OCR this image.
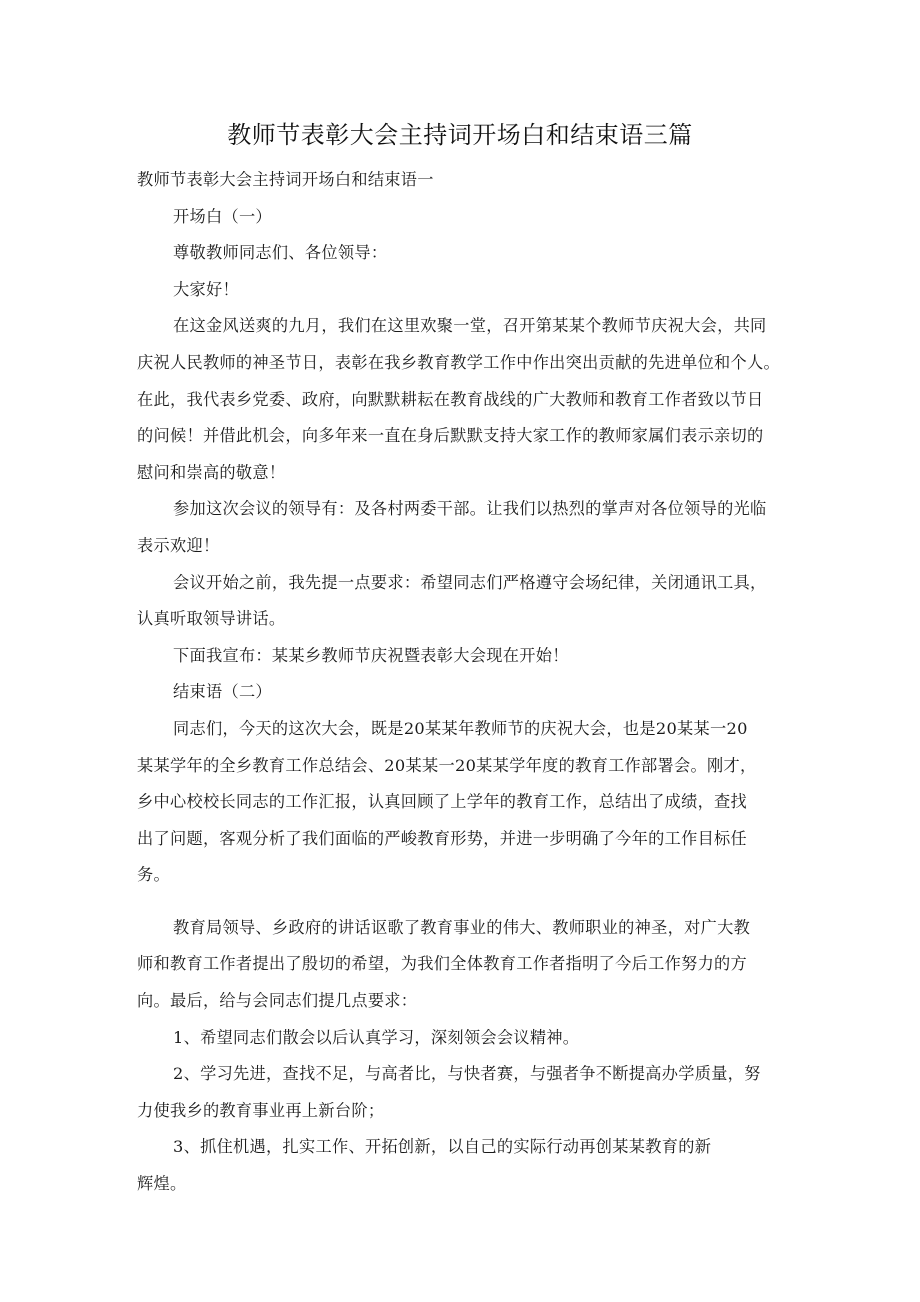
教师节表彰大会主持词开场白和结束语三篇
教师节表彰大会主持词开场白和结束语一
开场白（一）
尊敬教师同志们、各位领导：
大家好！
在这金风送爽的九月，我们在这里欢聚一堂，召开第某某个教师节庆祝大会，共同
庆祝人民教师的神圣节日，表彰在我乡教育教学工作中作出突出贡献的先进单位和个人。
在此，我代表乡党委、政府，向默默耕耘在教育战线的广大教师和教育工作者致以节日
的问候！并借此机会，向多年来一直在身后默默支持大家工作的教师家属们表示亲切的
慰问和崇高的敬意！
参加这次会议的领导有：及各村两委干部。让我们以热烈的掌声对各位领导的光临
表示欢迎！
会议开始之前，我先提一点要求：希望同志们严格遵守会场纪律，关闭通讯工具，
认真听取领导讲话。
下面我宣布：某某乡教师节庆祝暨表彰大会现在开始！
结束语（二）
同志们，今天的这次大会，既是20某某年教师节的庆祝大会，也是20某某一20
某某学年的全乡教育工作总结会、20某某一20某某学年度的教育工作部署会。刚才，
乡中心校校长同志的工作汇报，认真回顾了上学年的教育工作，总结出了成绩，查找
出了问题，客观分析了我们面临的严峻教育形势，并进一步明确了今年的工作目标任
务。
教育局领导、乡政府的讲话讴歌了教育事业的伟大、教师职业的神圣，对广大教
师和教育工作者提出了殷切的希望，为我们全体教育工作者指明了今后工作努力的方
向。最后，给与会同志们提几点要求：
1、希望同志们散会以后认真学习，深刻领会会议精神。
2、学习先进，查找不足，与高者比，与快者赛，与强者争不断提高办学质量，努
力使我乡的教育事业再上新台阶；
3、抓住机遇，扎实工作、开拓创新，以自己的实际行动再创某某教育的新
辉煌。
